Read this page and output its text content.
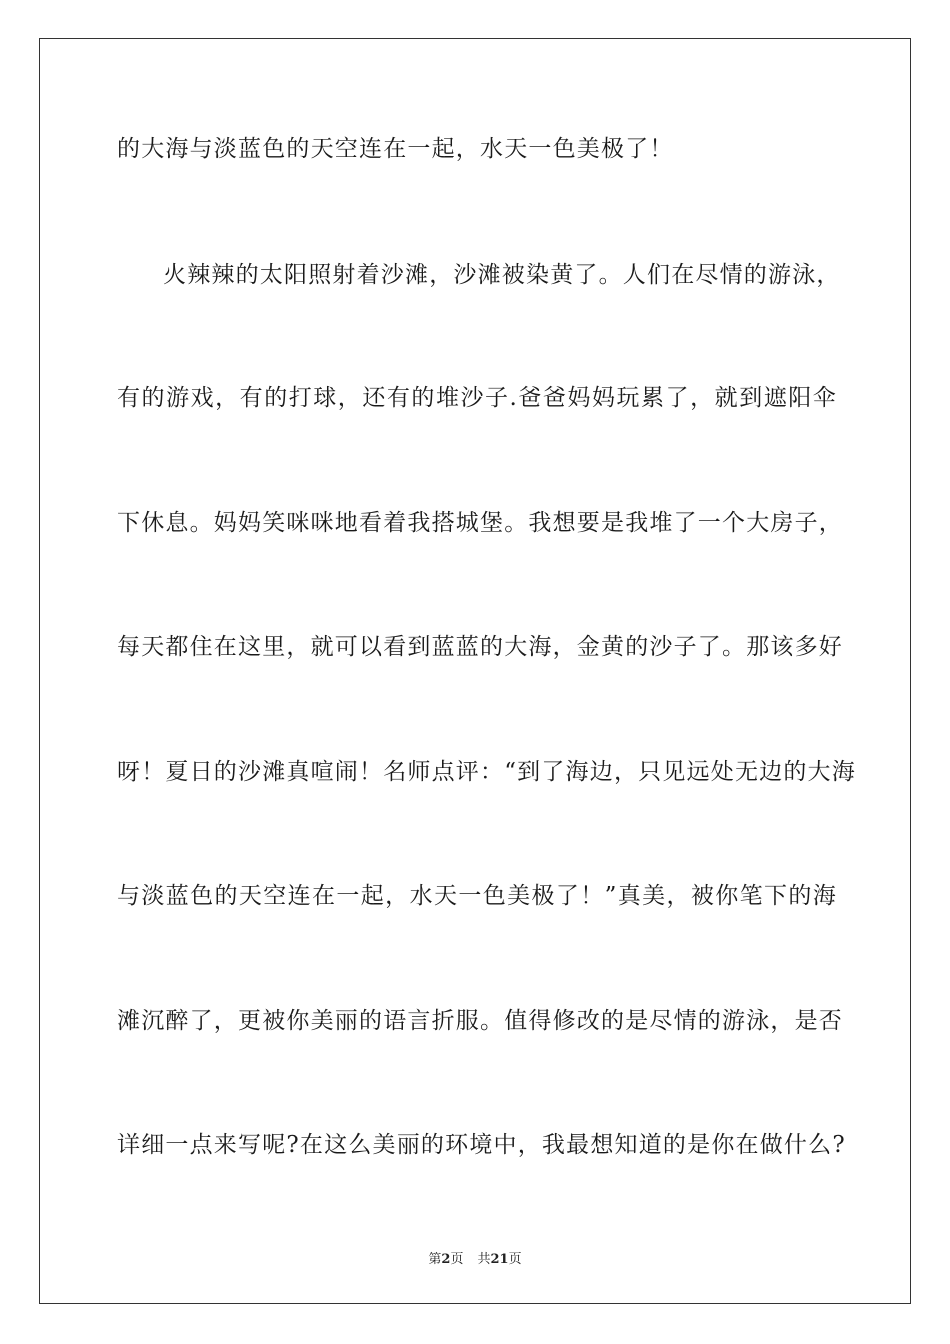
的大海与淡蓝色的天空连在一起，水天一色美极了！
火辣辣的太阳照射着沙滩，沙滩被染黄了。人们在尽情的游泳，
有的游戏，有的打球，还有的堆沙子.爸爸妈妈玩累了，就到遮阳伞
下休息。妈妈笑咪咪地看着我搭城堡。我想要是我堆了一个大房子，
每天都住在这里，就可以看到蓝蓝的大海，金黄的沙子了。那该多好
呀！夏日的沙滩真喧闹！名师点评：“到了海边，只见远处无边的大海
与淡蓝色的天空连在一起，水天一色美极了！”真美，被你笔下的海
滩沉醉了，更被你美丽的语言折服。值得修改的是尽情的游泳，是否
详细一点来写呢?在这么美丽的环境中，我最想知道的是你在做什么?
第2页 共21页
